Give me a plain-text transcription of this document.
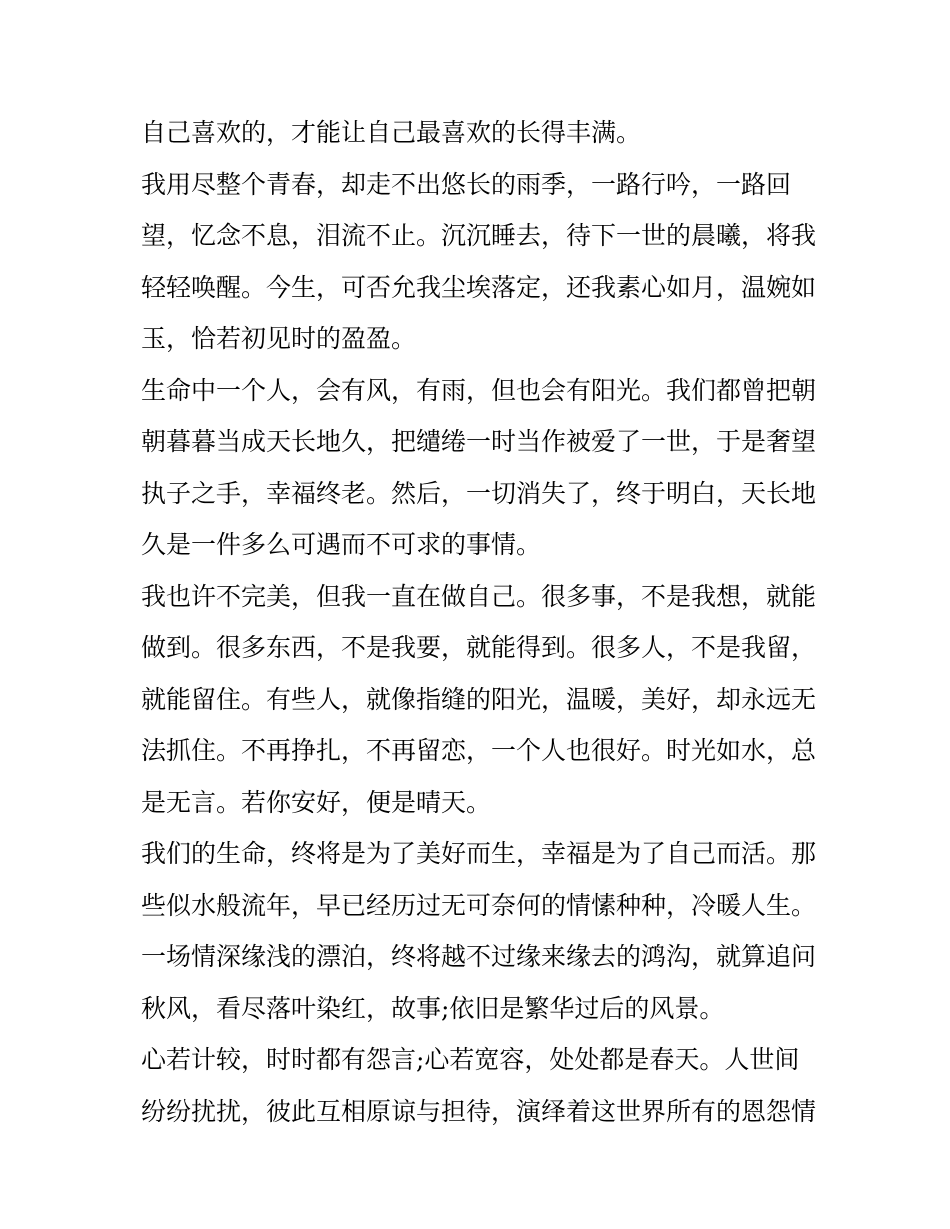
自己喜欢的，才能让自己最喜欢的长得丰满。
我用尽整个青春，却走不出悠长的雨季，一路行吟，一路回
望，忆念不息，泪流不止。沉沉睡去，待下一世的晨曦，将我
轻轻唤醒。今生，可否允我尘埃落定，还我素心如月，温婉如
玉，恰若初见时的盈盈。
生命中一个人，会有风，有雨，但也会有阳光。我们都曾把朝
朝暮暮当成天长地久，把缱绻一时当作被爱了一世，于是奢望
执子之手，幸福终老。然后，一切消失了，终于明白，天长地
久是一件多么可遇而不可求的事情。
我也许不完美，但我一直在做自己。很多事，不是我想，就能
做到。很多东西，不是我要，就能得到。很多人，不是我留，
就能留住。有些人，就像指缝的阳光，温暖，美好，却永远无
法抓住。不再挣扎，不再留恋，一个人也很好。时光如水，总
是无言。若你安好，便是晴天。
我们的生命，终将是为了美好而生，幸福是为了自己而活。那
些似水般流年，早已经历过无可奈何的情愫种种，冷暖人生。
一场情深缘浅的漂泊，终将越不过缘来缘去的鸿沟，就算追问
秋风，看尽落叶染红，故事;依旧是繁华过后的风景。
心若计较，时时都有怨言;心若宽容，处处都是春天。人世间
纷纷扰扰，彼此互相原谅与担待，演绎着这世界所有的恩怨情
